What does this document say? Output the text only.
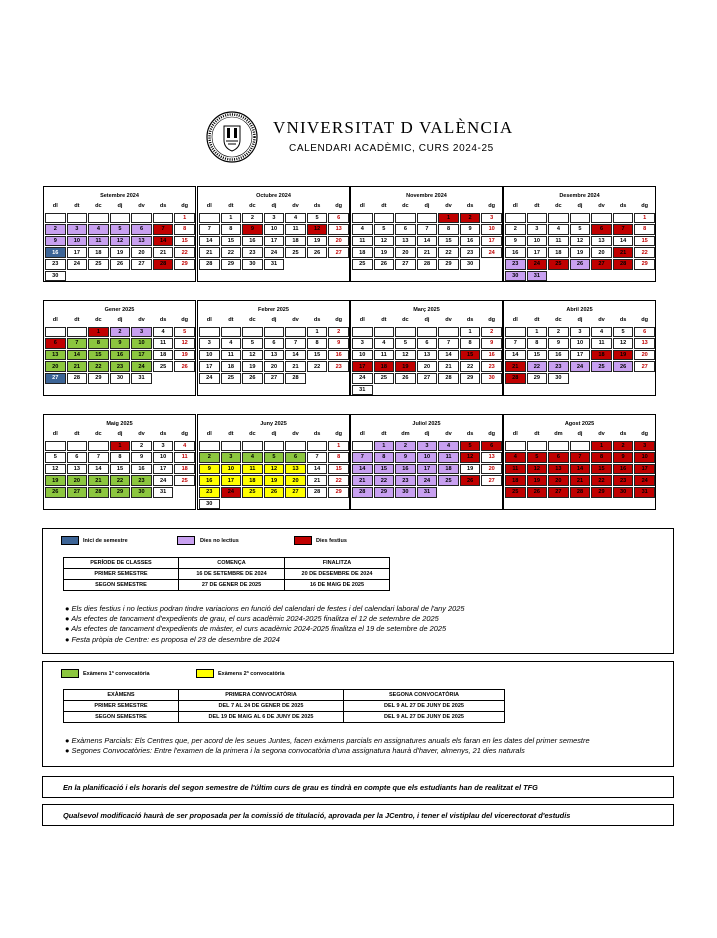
VNIVERSITAT D VALÈNCIA
CALENDARI ACADÈMIC, CURS 2024-25
Setembre 2024
dl	dt	dc	dj	dv	ds	dg
						1
2	3	4	5	6	7	8
9	10	11	12	13	14	15
16	17	18	19	20	21	22
23	24	25	26	27	28	29
30						
Octubre 2024
dl	dt	dc	dj	dv	ds	dg
	1	2	3	4	5	6
7	8	9	10	11	12	13
14	15	16	17	18	19	20
21	22	23	24	25	26	27
28	29	30	31			
Novembre 2024
dl	dt	dc	dj	dv	ds	dg
				1	2	3
4	5	6	7	8	9	10
11	12	13	14	15	16	17
18	19	20	21	22	23	24
25	26	27	28	29	30	
Desembre 2024
dl	dt	dc	dj	dv	ds	dg
						1
2	3	4	5	6	7	8
9	10	11	12	13	14	15
16	17	18	19	20	21	22
23	24	25	26	27	28	29
30	31					
Gener 2025
dl	dt	dc	dj	dv	ds	dg
		1	2	3	4	5
6	7	8	9	10	11	12
13	14	15	16	17	18	19
20	21	22	23	24	25	26
27	28	29	30	31		
Febrer 2025
dl	dt	dc	dj	dv	ds	dg
					1	2
3	4	5	6	7	8	9
10	11	12	13	14	15	16
17	18	19	20	21	22	23
24	25	26	27	28		
Març 2025
dl	dt	dc	dj	dv	ds	dg
					1	2
3	4	5	6	7	8	9
10	11	12	13	14	15	16
17	18	19	20	21	22	23
24	25	26	27	28	29	30
31						
Abril 2025
dl	dt	dc	dj	dv	ds	dg
	1	2	3	4	5	6
7	8	9	10	11	12	13
14	15	16	17	18	19	20
21	22	23	24	25	26	27
28	29	30				
Maig 2025
dl	dt	dc	dj	dv	ds	dg
			1	2	3	4
5	6	7	8	9	10	11
12	13	14	15	16	17	18
19	20	21	22	23	24	25
26	27	28	29	30	31	
Juny 2025
dl	dt	dc	dj	dv	ds	dg
						1
2	3	4	5	6	7	8
9	10	11	12	13	14	15
16	17	18	19	20	21	22
23	24	25	26	27	28	29
30						
Juliol 2025
dl	dt	dm	dj	dv	ds	dg
	1	2	3	4	5	6
7	8	9	10	11	12	13
14	15	16	17	18	19	20
21	22	23	24	25	26	27
28	29	30	31			
Agost 2025
dl	dt	dm	dj	dv	ds	dg
				1	2	3
4	5	6	7	8	9	10
11	12	13	14	15	16	17
18	19	20	21	22	23	24
25	26	27	28	29	30	31
Inici de semestre	Dies no lectius	Dies festius
PERÍODE DE CLASSES	COMENÇA	FINALITZA
PRIMER SEMESTRE	16 DE SETEMBRE DE 2024	20 DE DESEMBRE DE 2024
SEGON SEMESTRE	27 DE GENER DE 2025	16 DE MAIG DE 2025
● Els dies festius i no lectius podran tindre variacions en funció del calendari de festes i del calendari laboral de l'any 2025
● Als efectes de tancament d'expedients de grau, el curs acadèmic 2024-2025 finalitza el 12 de setembre de 2025
● Als efectes de tancament d'expedients de màster, el curs acadèmic 2024-2025 finalitza el 19 de setembre de 2025
● Festa pròpia de Centre: es proposa el 23 de desembre de 2024
Exàmens 1ª convocatòria	Exàmens 2ª convocatòria
EXÀMENS	PRIMERA CONVOCATÒRIA	SEGONA CONVOCATÒRIA
PRIMER SEMESTRE	DEL 7 AL 24 DE GENER DE 2025	DEL 9 AL 27 DE JUNY DE 2025
SEGON SEMESTRE	DEL 19 DE MAIG AL 6 DE JUNY DE 2025	DEL 9 AL 27 DE JUNY DE 2025
● Exàmens Parcials: Els Centres que, per acord de les seues Juntes, facen exàmens parcials en assignatures anuals els faran en les dates del primer semestre
● Segones Convocatòries: Entre l'examen de la primera i la segona convocatòria d'una assignatura haurà d'haver, almenys, 21 dies naturals
En la planificació i els horaris del segon semestre de l'últim curs de grau es tindrà en compte que els estudiants han de realitzat el TFG
Qualsevol modificació haurà de ser proposada per la comissió de titulació, aprovada per la JCentro, i tener el vistiplau del vicerectorat d'estudis
